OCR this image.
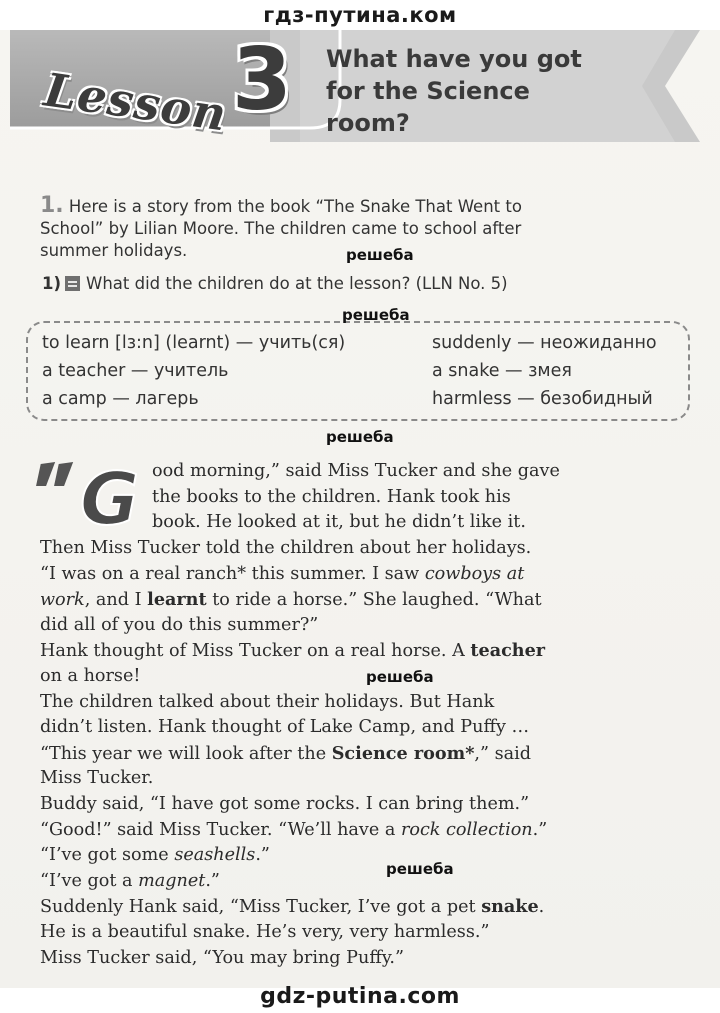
гдз-путина.ком
Lesson 3 What have you got
for the Science
room?
1. Here is a story from the book “The Snake That Went to
School” by Lilian Moore. The children came to school after
summer holidays.
1) What did the children do at the lesson? (LLN No. 5)
to learn [lɜ:n] (learnt) — учить(ся)
a teacher — учитель
a camp — лагерь
suddenly — неожиданно
a snake — змея
harmless — безобидный
решеба
решеба
решеба
решеба
решеба
G ood morning,” said Miss Tucker and she gave
the books to the children. Hank took his
book. He looked at it, but he didn’t like it.
Then Miss Tucker told the children about her holidays.
“I was on a real ranch* this summer. I saw cowboys at
work, and I learnt to ride a horse.” She laughed. “What
did all of you do this summer?”
Hank thought of Miss Tucker on a real horse. A teacher
on a horse!
The children talked about their holidays. But Hank
didn’t listen. Hank thought of Lake Camp, and Puffy …
“This year we will look after the Science room*,” said
Miss Tucker.
Buddy said, “I have got some rocks. I can bring them.”
“Good!” said Miss Tucker. “We’ll have a rock collection.”
“I’ve got some seashells.”
“I’ve got a magnet.”
Suddenly Hank said, “Miss Tucker, I’ve got a pet snake.
He is a beautiful snake. He’s very, very harmless.”
Miss Tucker said, “You may bring Puffy.”
gdz-putina.com
